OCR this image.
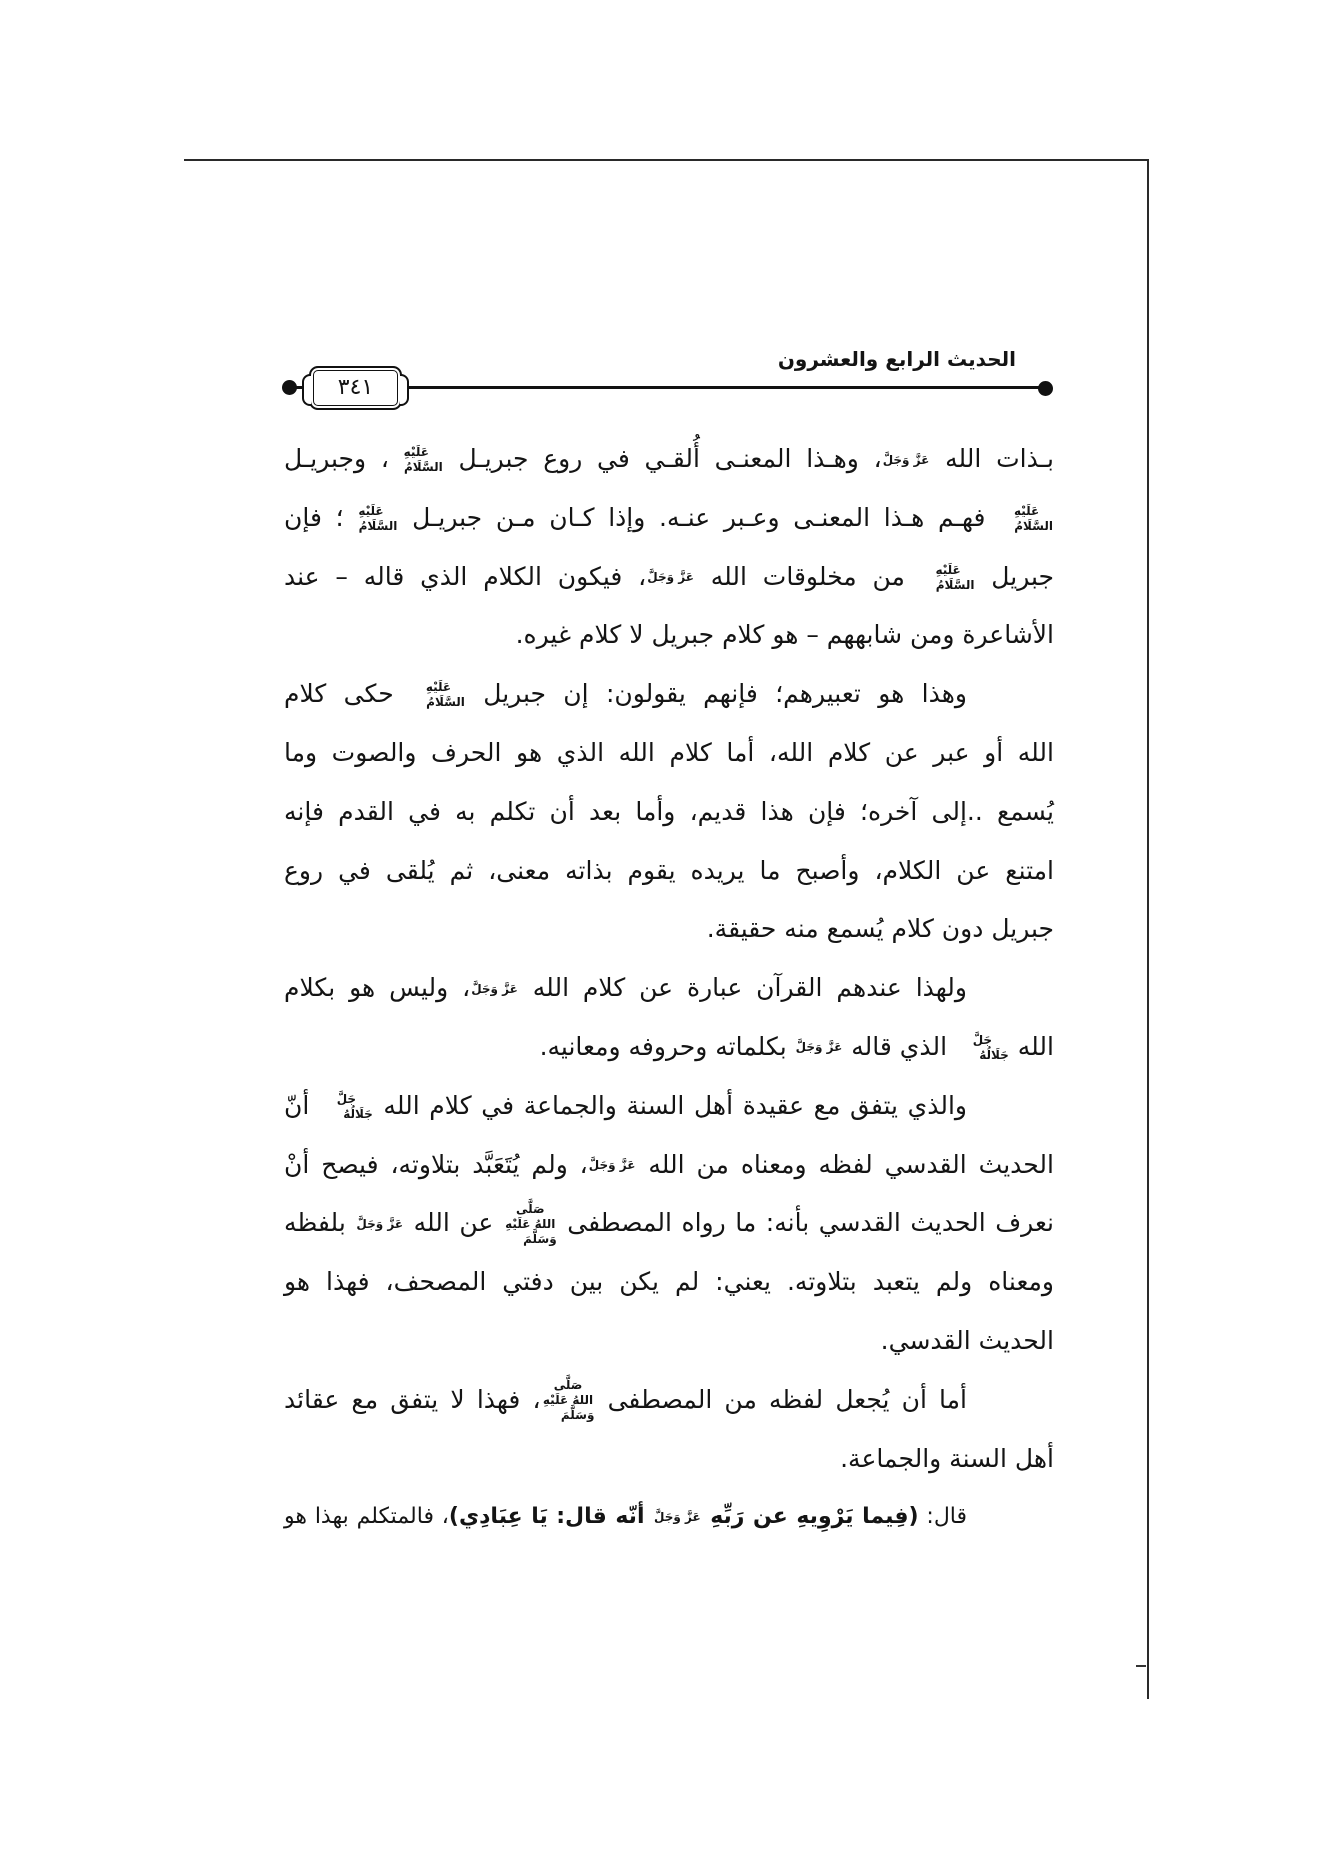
الحديث الرابع والعشرون
٣٤١
بـذات الله عَزَّ وَجَلَّ، وهـذا المعنـى أُلقـي في روع جبريـل عَلَيْهِ السَّلَامُ، وجبريـل
عَلَيْهِ السَّلَامُ فهـم هـذا المعنـى وعـبر عنـه. وإذا كـان مـن جبريـل عَلَيْهِ السَّلَامُ؛ فإن
جبريل عَلَيْهِ السَّلَامُ من مخلوقات الله عَزَّ وَجَلَّ، فيكون الكلام الذي قاله – عند
الأشاعرة ومن شابههم – هو كلام جبريل لا كلام غيره.
وهذا هو تعبيرهم؛ فإنهم يقولون: إن جبريل عَلَيْهِ السَّلَامُ حكى كلام
الله أو عبر عن كلام الله، أما كلام الله الذي هو الحرف والصوت وما
يُسمع ..إلى آخره؛ فإن هذا قديم، وأما بعد أن تكلم به في القدم فإنه
امتنع عن الكلام، وأصبح ما يريده يقوم بذاته معنى، ثم يُلقى في روع
جبريل دون كلام يُسمع منه حقيقة.
ولهذا عندهم القرآن عبارة عن كلام الله عَزَّ وَجَلَّ، وليس هو بكلام
الله جَلَّ جَلَالُهُ الذي قاله عَزَّ وَجَلَّ بكلماته وحروفه ومعانيه.
والذي يتفق مع عقيدة أهل السنة والجماعة في كلام الله جَلَّ جَلَالُهُ أنّ
الحديث القدسي لفظه ومعناه من الله عَزَّ وَجَلَّ، ولم يُتَعَبَّد بتلاوته، فيصح أنْ
نعرف الحديث القدسي بأنه: ما رواه المصطفى صَلَّى اللهُ عَلَيْهِ وَسَلَّمَ عن الله عَزَّ وَجَلَّ بلفظه
ومعناه ولم يتعبد بتلاوته. يعني: لم يكن بين دفتي المصحف، فهذا هو
الحديث القدسي.
أما أن يُجعل لفظه من المصطفى صَلَّى اللهُ عَلَيْهِ وَسَلَّمَ، فهذا لا يتفق مع عقائد
أهل السنة والجماعة.
قال: (فِيما يَرْوِيهِ عن رَبِّهِ عَزَّ وَجَلَّ أنّه قال: يَا عِبَادِي)، فالمتكلم بهذا هو
